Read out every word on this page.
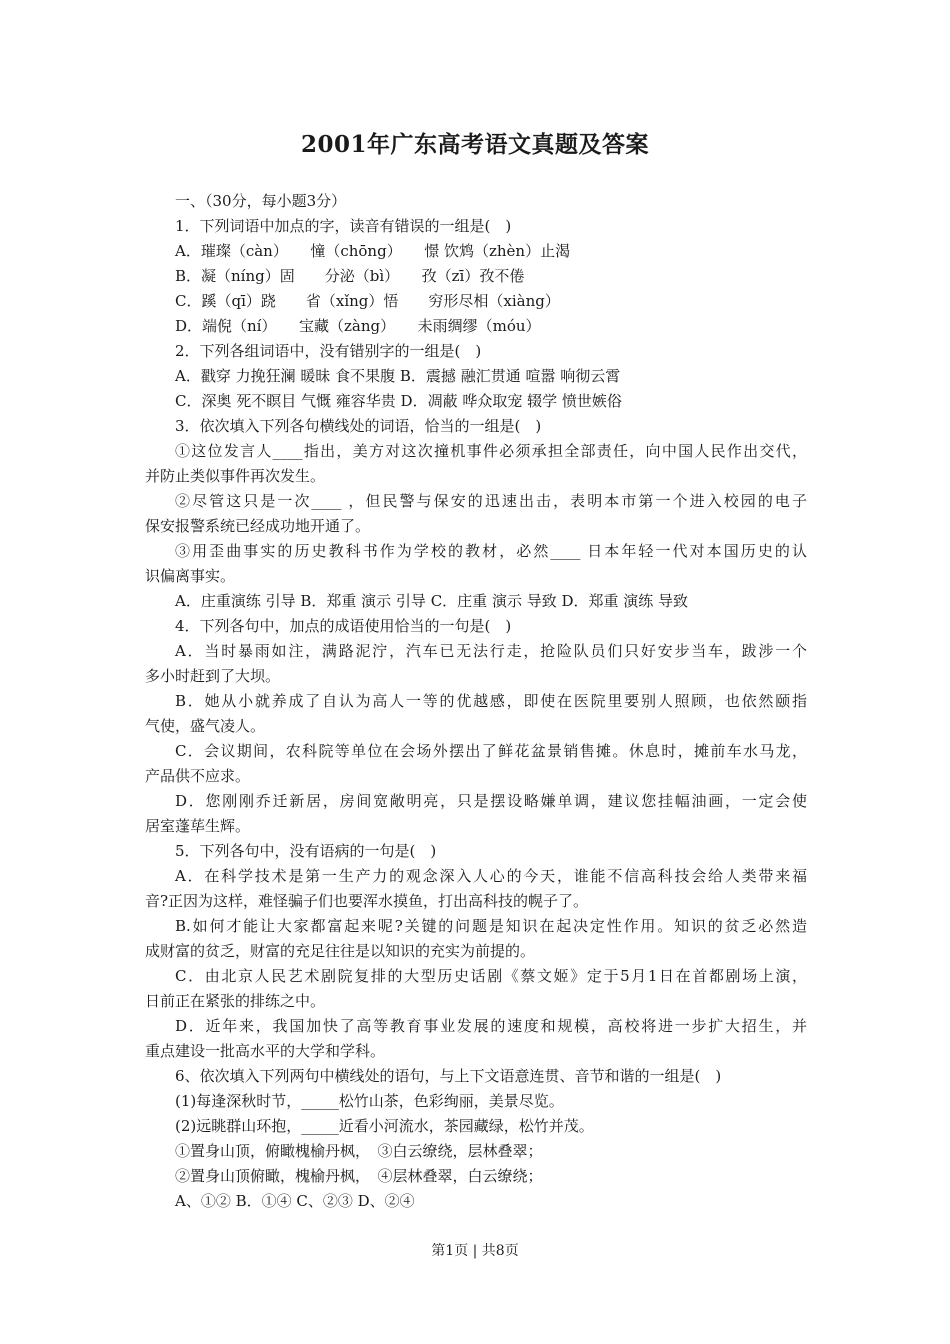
2001年广东高考语文真题及答案
一、（30分，每小题3分）
1．下列词语中加点的字，读音有错误的一组是(　)
A．璀璨（càn）　　憧（chōng）　　憬 饮鸩（zhèn）止渴
B．凝（níng）固　　分泌（bì）　　孜（zī）孜不倦
C．蹊（qī）跷　　省（xǐng）悟　　穷形尽相（xiàng）
D．端倪（ní）　　宝藏（zàng）　　未雨绸缪（móu）
2．下列各组词语中，没有错别字的一组是(　)
A．戳穿 力挽狂澜 暖昧 食不果腹 B．震撼 融汇贯通 喧嚣 响彻云霄
C．深奥 死不瞑目 气慨 雍容华贵 D．凋蔽 哗众取宠 辍学 愤世嫉俗
3．依次填入下列各句横线处的词语，恰当的一组是(　)
①这位发言人____指出，美方对这次撞机事件必须承担全部责任，向中国人民作出交代，
并防止类似事件再次发生。
②尽管这只是一次____ ，但民警与保安的迅速出击，表明本市第一个进入校园的电子
保安报警系统已经成功地开通了。
③用歪曲事实的历史教科书作为学校的教材，必然____ 日本年轻一代对本国历史的认
识偏离事实。
A．庄重演练 引导 B．郑重 演示 引导 C．庄重 演示 导致 D．郑重 演练 导致
4．下列各句中，加点的成语使用恰当的一句是(　)
A．当时暴雨如注，满路泥泞，汽车已无法行走，抢险队员们只好安步当车，跋涉一个
多小时赶到了大坝。
B．她从小就养成了自认为高人一等的优越感，即使在医院里要别人照顾，也依然颐指
气使，盛气凌人。
C．会议期间，农科院等单位在会场外摆出了鲜花盆景销售摊。休息时，摊前车水马龙，
产品供不应求。
D．您刚刚乔迁新居，房间宽敞明亮，只是摆设略嫌单调，建议您挂幅油画，一定会使
居室蓬荜生辉。
5．下列各句中，没有语病的一句是(　)
A．在科学技术是第一生产力的观念深入人心的今天，谁能不信高科技会给人类带来福
音?正因为这样，难怪骗子们也要浑水摸鱼，打出高科技的幌子了。
B.如何才能让大家都富起来呢?关键的问题是知识在起决定性作用。知识的贫乏必然造
成财富的贫乏，财富的充足往往是以知识的充实为前提的。
C．由北京人民艺术剧院复排的大型历史话剧《蔡文姬》定于5月1日在首都剧场上演，
日前正在紧张的排练之中。
D．近年来，我国加快了高等教育事业发展的速度和规模，高校将进一步扩大招生，并
重点建设一批高水平的大学和学科。
6、依次填入下列两句中横线处的语句，与上下文语意连贯、音节和谐的一组是(　)
(1)每逢深秋时节，_____松竹山茶，色彩绚丽，美景尽览。
(2)远眺群山环抱，_____近看小河流水，茶园藏绿，松竹并茂。
①置身山顶，俯瞰槐榆丹枫，　③白云缭绕，层林叠翠；
②置身山顶俯瞰，槐榆丹枫，　④层林叠翠，白云缭绕；
A、①② B．①④ C、②③ D、②④
第1页 | 共8页
